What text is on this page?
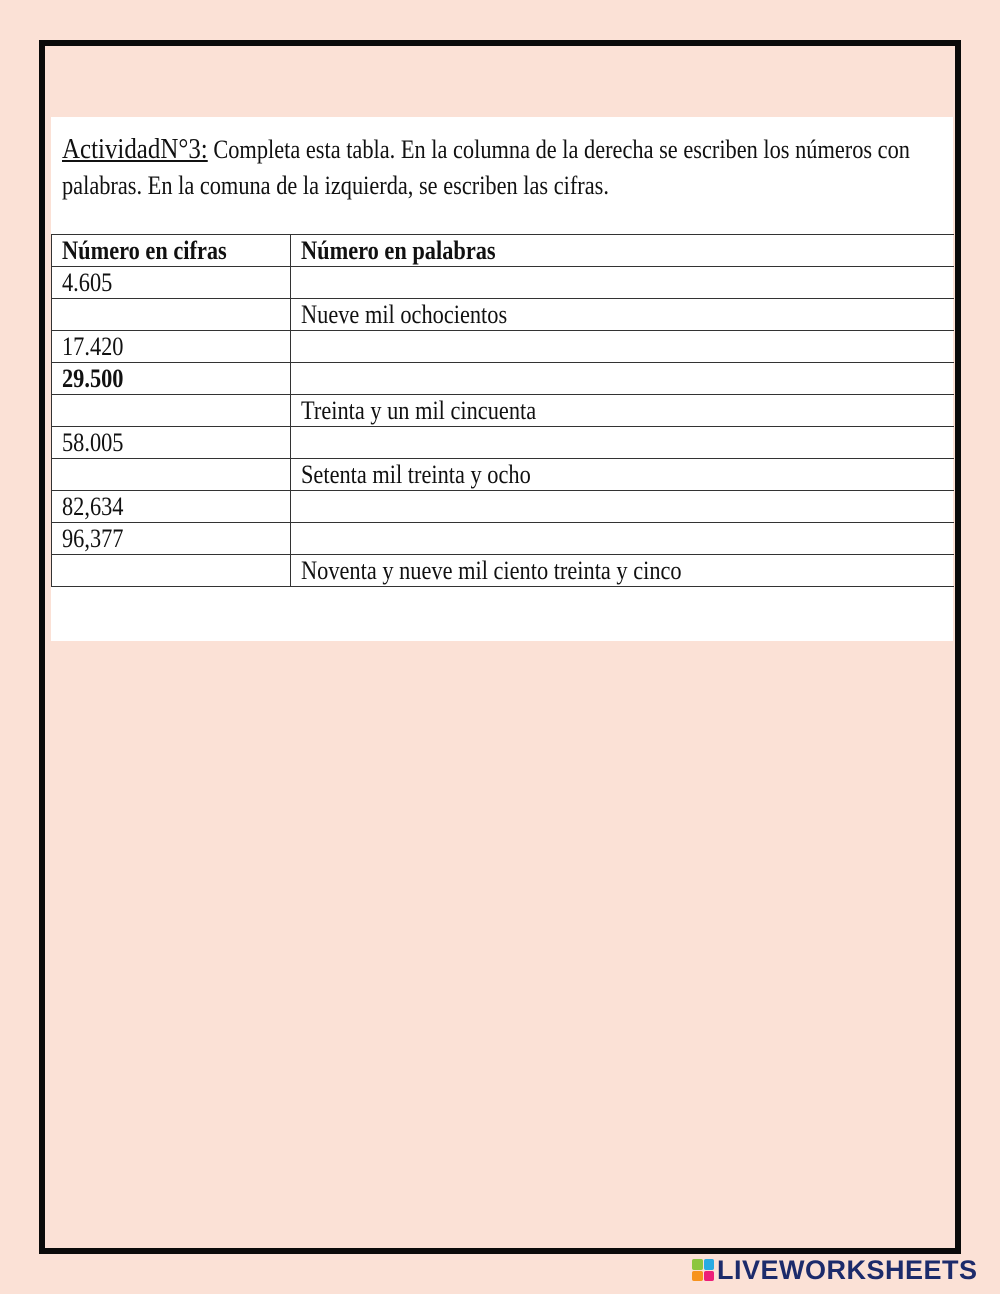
ActividadN°3: Completa esta tabla. En la columna de la derecha se escriben los números con palabras. En la comuna de la izquierda, se escriben las cifras.
Número en cifras	Número en palabras
4.605	
	Nueve mil ochocientos
17.420	
29.500	
	Treinta y un mil cincuenta
58.005	
	Setenta mil treinta y ocho
82,634	
96,377	
	Noventa y nueve mil ciento treinta y cinco
LIVEWORKSHEETS
